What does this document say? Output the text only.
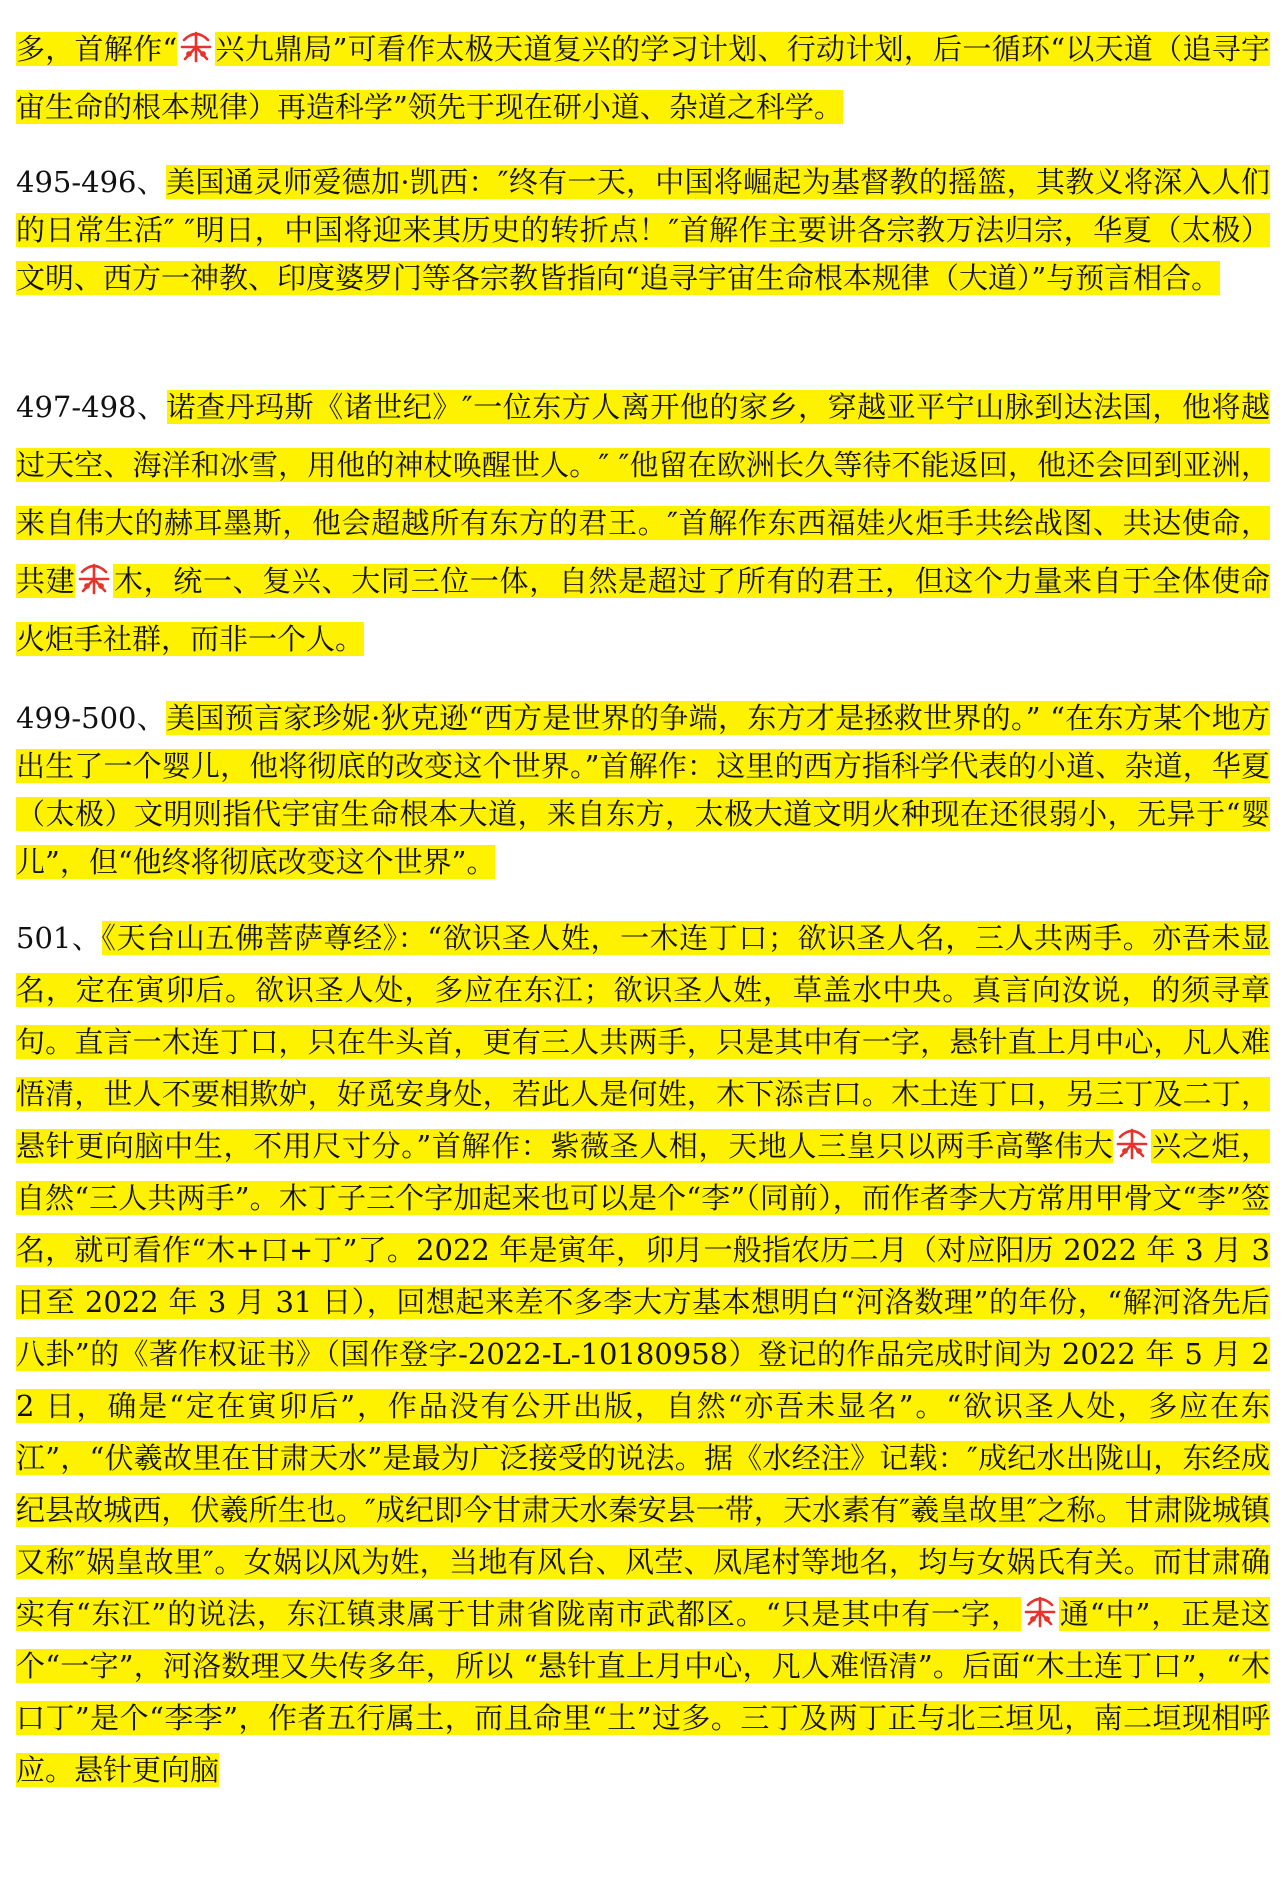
多，首解作“ 兴九鼎局”可看作太极天道复兴的学习计划、行动计划，后一循环“以天道（追寻宇宙生命的根本规律）再造科学”领先于现在研小道、杂道之科学。

495-496、美国通灵师爱德加·凯西：″终有一天，中国将崛起为基督教的摇篮，其教义将深入人们的日常生活″ ″明日，中国将迎来其历史的转折点！″首解作主要讲各宗教万法归宗，华夏（太极）文明、西方一神教、印度婆罗门等各宗教皆指向“追寻宇宙生命根本规律（大道）”与预言相合。

497-498、诺查丹玛斯《诸世纪》″一位东方人离开他的家乡，穿越亚平宁山脉到达法国，他将越过天空、海洋和冰雪，用他的神杖唤醒世人。″ ″他留在欧洲长久等待不能返回，他还会回到亚洲，来自伟大的赫耳墨斯，他会超越所有东方的君王。″首解作东西福娃火炬手共绘战图、共达使命，共建 木，统一、复兴、大同三位一体，自然是超过了所有的君王，但这个力量来自于全体使命火炬手社群，而非一个人。

499-500、美国预言家珍妮·狄克逊“西方是世界的争端，东方才是拯救世界的。” “在东方某个地方出生了一个婴儿，他将彻底的改变这个世界。”首解作：这里的西方指科学代表的小道、杂道，华夏（太极）文明则指代宇宙生命根本大道，来自东方，太极大道文明火种现在还很弱小，无异于“婴儿”，但“他终将彻底改变这个世界”。

501、《天台山五佛菩萨尊经》：“欲识圣人姓，一木连丁口；欲识圣人名，三人共两手。亦吾未显名，定在寅卯后。欲识圣人处，多应在东江；欲识圣人姓，草盖水中央。真言向汝说，的须寻章句。直言一木连丁口，只在牛头首，更有三人共两手，只是其中有一字，悬针直上月中心，凡人难悟清，世人不要相欺妒，好觅安身处，若此人是何姓，木下添吉口。木土连丁口，另三丁及二丁，悬针更向脑中生，不用尺寸分。”首解作：紫薇圣人相，天地人三皇只以两手高擎伟大 兴之炬，自然“三人共两手”。木丁子三个字加起来也可以是个“李”（同前），而作者李大方常用甲骨文“李”签名，就可看作“木+口+丁”了。2022 年是寅年，卯月一般指农历二月（对应阳历 2022 年 3 月 3 日至 2022 年 3 月 31 日），回想起来差不多李大方基本想明白“河洛数理”的年份，“解河洛先后八卦”的《著作权证书》（国作登字-2022-L-10180958）登记的作品完成时间为 2022 年 5 月 22 日，确是“定在寅卯后”，作品没有公开出版，自然“亦吾未显名”。“欲识圣人处，多应在东江”，“伏羲故里在甘肃天水”是最为广泛接受的说法。据《水经注》记载：″成纪水出陇山，东经成纪县故城西，伏羲所生也。″成纪即今甘肃天水秦安县一带，天水素有″羲皇故里″之称。甘肃陇城镇又称″娲皇故里″。女娲以风为姓，当地有风台、风茔、凤尾村等地名，均与女娲氏有关。而甘肃确实有“东江”的说法，东江镇隶属于甘肃省陇南市武都区。“只是其中有一字， 通“中”，正是这个“一字”，河洛数理又失传多年，所以 “悬针直上月中心，凡人难悟清”。后面“木土连丁口”，“木口丁”是个“李李”，作者五行属土，而且命里“土”过多。三丁及两丁正与北三垣见，南二垣现相呼应。悬针更向脑
